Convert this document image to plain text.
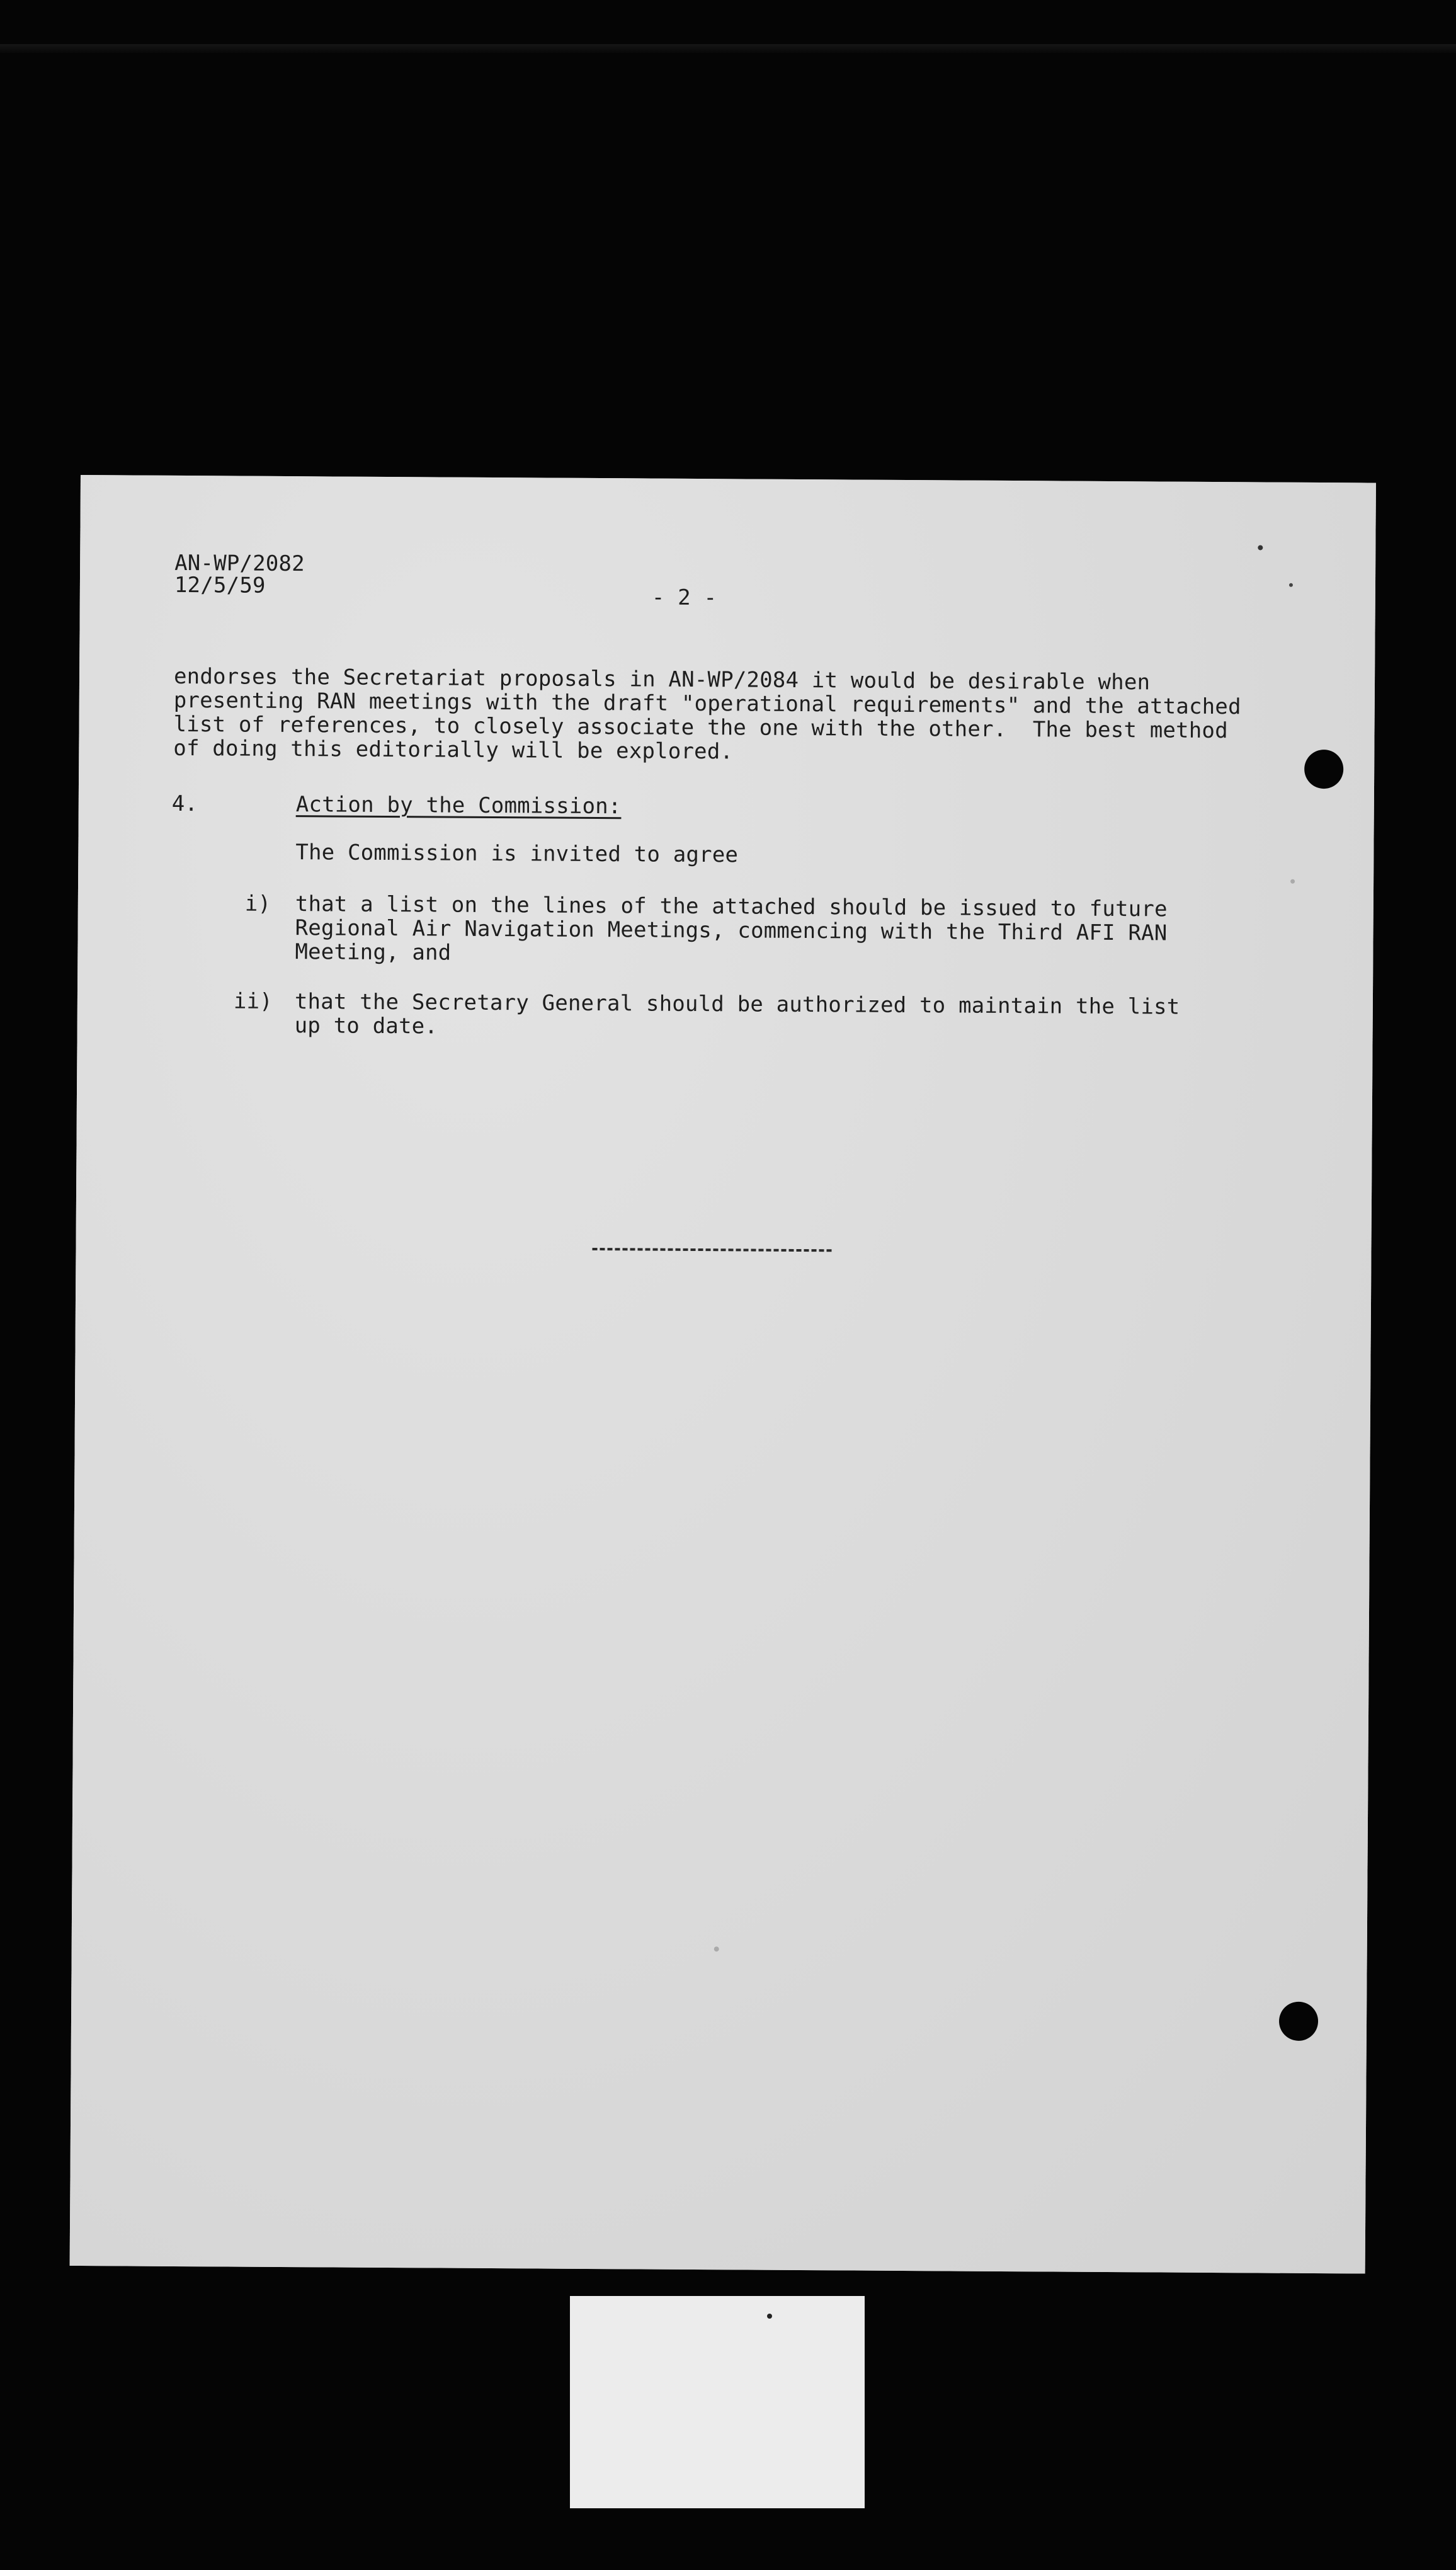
AN-WP/2082
12/5/59	- 2 -
endorses the Secretariat proposals in AN-WP/2084 it would be desirable when
presenting RAN meetings with the draft "operational requirements" and the attached
list of references, to closely associate the one with the other.  The best method
of doing this editorially will be explored.
4.	Action by the Commission:
The Commission is invited to agree
i) that a list on the lines of the attached should be issued to future
Regional Air Navigation Meetings, commencing with the Third AFI RAN
Meeting, and
ii) that the Secretary General should be authorized to maintain the list
up to date.
